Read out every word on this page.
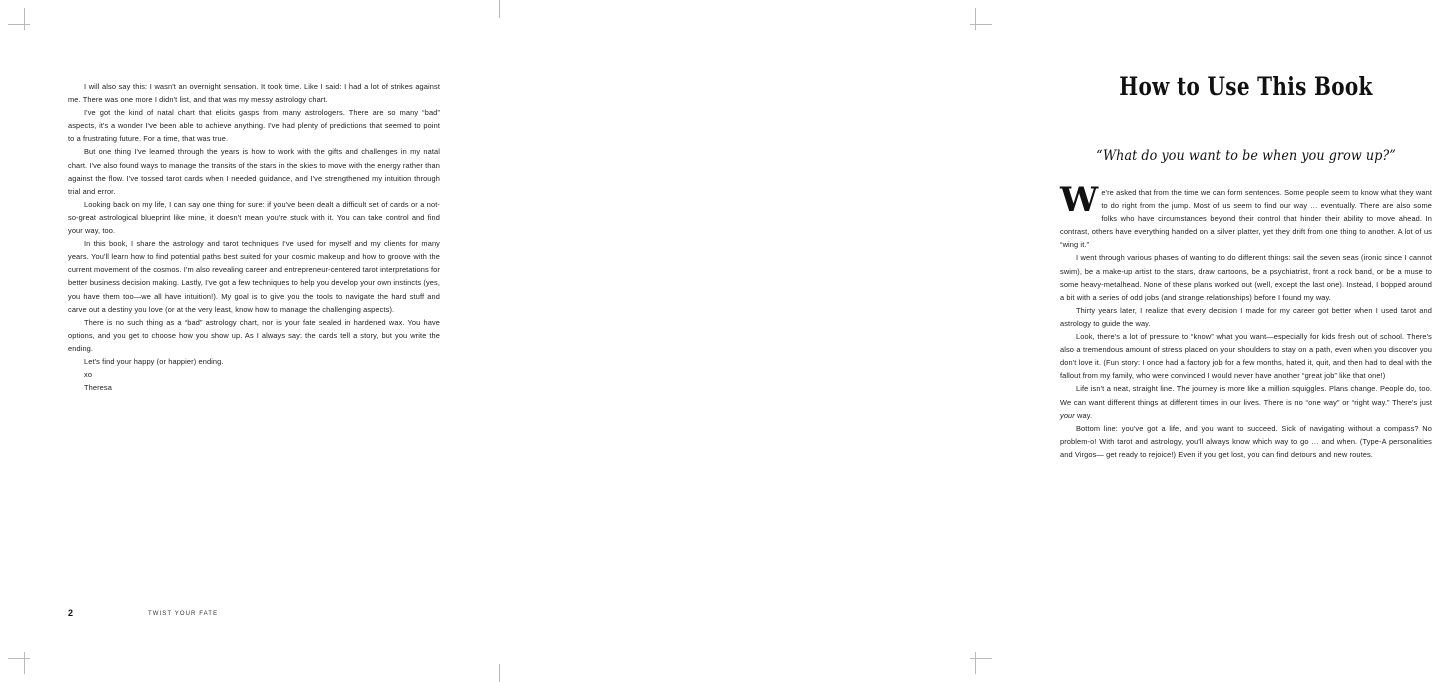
I will also say this: I wasn't an overnight sensation. It took time. Like I said: I had a lot of strikes against me. There was one more I didn't list, and that was my messy astrology chart.

I've got the kind of natal chart that elicits gasps from many astrologers. There are so many “bad” aspects, it's a wonder I've been able to achieve anything. I've had plenty of predictions that seemed to point to a frustrating future. For a time, that was true.

But one thing I've learned through the years is how to work with the gifts and challenges in my natal chart. I've also found ways to manage the transits of the stars in the skies to move with the energy rather than against the flow. I've tossed tarot cards when I needed guidance, and I've strengthened my intuition through trial and error.

Looking back on my life, I can say one thing for sure: if you've been dealt a difficult set of cards or a not-so-great astrological blueprint like mine, it doesn't mean you're stuck with it. You can take control and find your way, too.

In this book, I share the astrology and tarot techniques I've used for myself and my clients for many years. You'll learn how to find potential paths best suited for your cosmic makeup and how to groove with the current movement of the cosmos. I'm also revealing career and entrepreneur-centered tarot interpretations for better business decision making. Lastly, I've got a few techniques to help you develop your own instincts (yes, you have them too—we all have intuition!). My goal is to give you the tools to navigate the hard stuff and carve out a destiny you love (or at the very least, know how to manage the challenging aspects).

There is no such thing as a “bad” astrology chart, nor is your fate sealed in hardened wax. You have options, and you get to choose how you show up. As I always say: the cards tell a story, but you write the ending.

Let's find your happy (or happier) ending.

xo

Theresa

2	TWIST YOUR FATE
How to Use This Book
“What do you want to be when you grow up?”

We're asked that from the time we can form sentences. Some people seem to know what they want to do right from the jump. Most of us seem to find our way … eventually. There are also some folks who have circumstances beyond their control that hinder their ability to move ahead. In contrast, others have everything handed on a silver platter, yet they drift from one thing to another. A lot of us “wing it.”

I went through various phases of wanting to do different things: sail the seven seas (ironic since I cannot swim), be a make-up artist to the stars, draw cartoons, be a psychiatrist, front a rock band, or be a muse to some heavy-metalhead. None of these plans worked out (well, except the last one). Instead, I bopped around a bit with a series of odd jobs (and strange relationships) before I found my way.

Thirty years later, I realize that every decision I made for my career got better when I used tarot and astrology to guide the way.

Look, there's a lot of pressure to “know” what you want—especially for kids fresh out of school. There's also a tremendous amount of stress placed on your shoulders to stay on a path, even when you discover you don't love it. (Fun story: I once had a factory job for a few months, hated it, quit, and then had to deal with the fallout from my family, who were convinced I would never have another “great job” like that one!)

Life isn't a neat, straight line. The journey is more like a million squiggles. Plans change. People do, too. We can want different things at different times in our lives. There is no “one way” or “right way.” There's just your way.

Bottom line: you've got a life, and you want to succeed. Sick of navigating without a compass? No problem-o! With tarot and astrology, you'll always know which way to go … and when. (Type-A personalities and Virgos— get ready to rejoice!) Even if you get lost, you can find detours and new routes.
